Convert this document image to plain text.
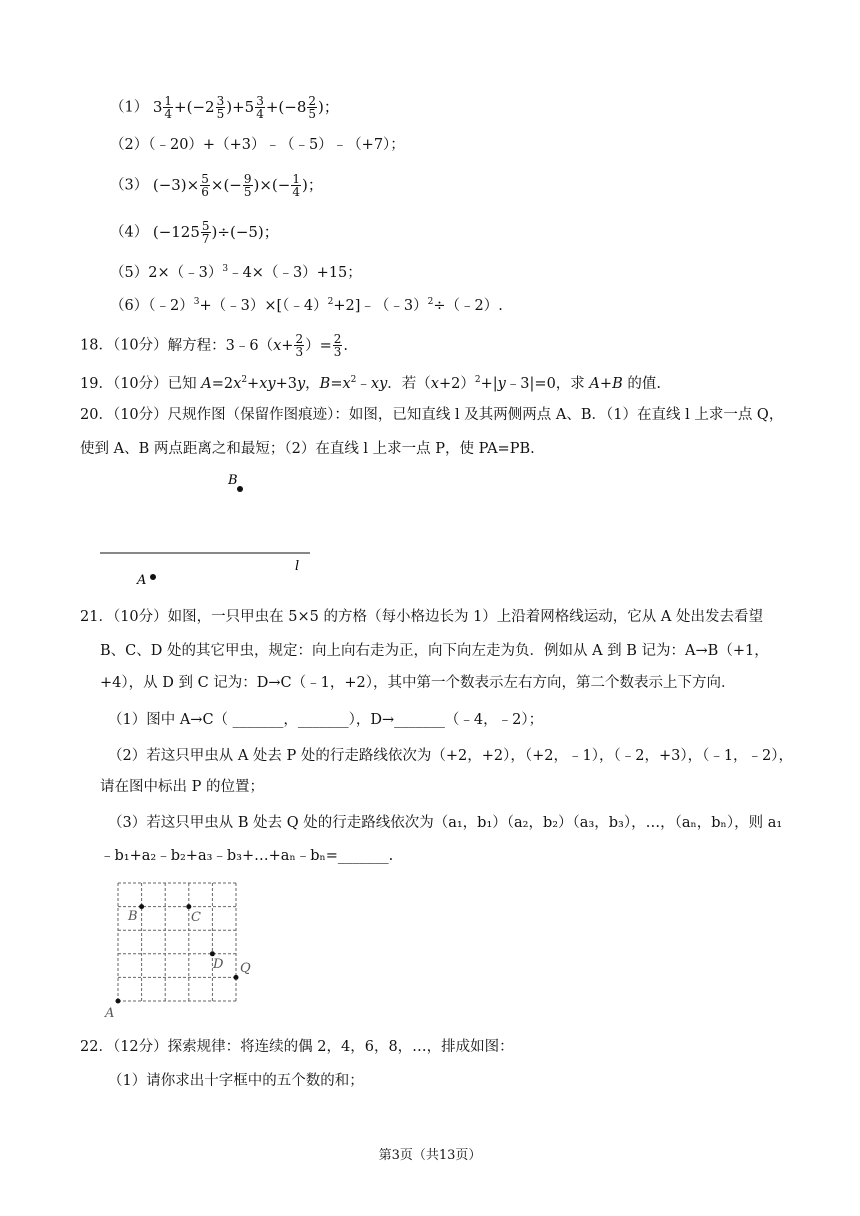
（1） $3 \frac{1}{4} +(-2 \frac{3}{5} )+5 \frac{3}{4} +(-8 \frac{2}{5}$ )；
（2）（﹣20）+（+3）﹣（﹣5）﹣（+7）；
（3） $(-3)\times \frac{5}{6}$ ×(− $\frac{9}{5}$ )×(− $\frac{1}{4}$ )；
（4） $(-125 \frac{5}{7} )\div(-5)$；
（5）2×（﹣3）$^3$﹣4×（﹣3）+15；
（6）（﹣2）$^3$+（﹣3）×[（﹣4）$^2$+2]﹣（﹣3）$^2$÷（﹣2）.
18．（10分）解方程：3﹣6（x+ $\frac{2}{3}$ ）= $\frac{2}{3}$ .
19．（10分）已知 $A=2x^2+xy+3y$，$B=x^2﹣xy$．若$(x+2)^2+|y﹣3|=0$，求 A+B 的值.
20．（10分）尺规作图（保留作图痕迹）：如图，已知直线 l 及其两侧两点 A、B．（1）在直线 l 上求一点 Q，
使到 A、B 两点距离之和最短；（2）在直线 l 上求一点 P，使 PA=PB.
B
l
A
21．（10分）如图，一只甲虫在 5×5 的方格（每小格边长为 1）上沿着网格线运动，它从 A 处出发去看望
B、C、D 处的其它甲虫，规定：向上向右走为正，向下向左走为负．例如从 A 到 B 记为：A→B（+1，
+4），从 D 到 C 记为：D→C（﹣1，+2），其中第一个数表示左右方向，第二个数表示上下方向．
（1）图中 A→C（ _______，_______），D→_______（﹣4，﹣2）；
（2）若这只甲虫从 A 处去 P 处的行走路线依次为（+2，+2），（+2，﹣1），（﹣2，+3），（﹣1，﹣2），
请在图中标出 P 的位置；
（3）若这只甲虫从 B 处去 Q 处的行走路线依次为（a₁，b₁）（a₂，b₂）（a₃，b₃），…，（aₙ，bₙ），则 a₁
﹣b₁+a₂﹣b₂+a₃﹣b₃+…+aₙ﹣bₙ=_______.
B	C
D Q
A
22．（12分）探索规律：将连续的偶 2，4，6，8，…，排成如图：
（1）请你求出十字框中的五个数的和；
第3页（共13页）
